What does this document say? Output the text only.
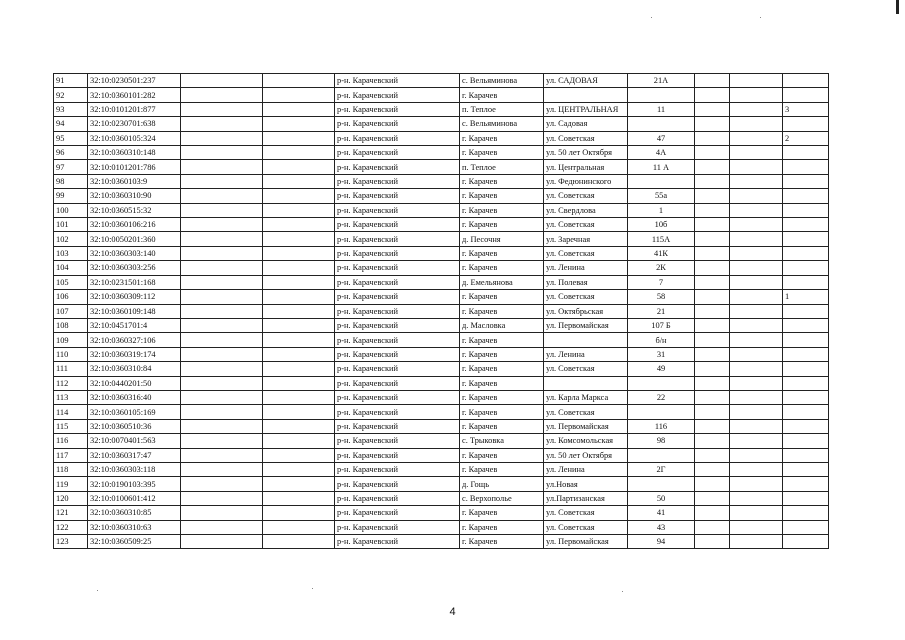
91	32:10:0230501:237			р-н. Карачевский	с. Вельяминова	ул. САДОВАЯ	21А			
92	32:10:0360101:282			р-н. Карачевский	г. Карачев					
93	32:10:0101201:877			р-н. Карачевский	п. Теплое	ул. ЦЕНТРАЛЬНАЯ	11			3
94	32:10:0230701:638			р-н. Карачевский	с. Вельяминова	ул. Садовая				
95	32:10:0360105:324			р-н. Карачевский	г. Карачев	ул. Советская	47			2
96	32:10:0360310:148			р-н. Карачевский	г. Карачев	ул. 50 лет Октября	4А			
97	32:10:0101201:786			р-н. Карачевский	п. Теплое	ул. Центральная	11 А			
98	32:10:0360103:9			р-н. Карачевский	г. Карачев	ул. Федюнинского				
99	32:10:0360310:90			р-н. Карачевский	г. Карачев	ул. Советская	55а			
100	32:10:0360515:32			р-н. Карачевский	г. Карачев	ул. Свердлова	1			
101	32:10:0360106:216			р-н. Карачевский	г. Карачев	ул. Советская	10б			
102	32:10:0050201:360			р-н. Карачевский	д. Песочня	ул. Заречная	115А			
103	32:10:0360303:140			р-н. Карачевский	г. Карачев	ул. Советская	41К			
104	32:10:0360303:256			р-н. Карачевский	г. Карачев	ул. Ленина	2К			
105	32:10:0231501:168			р-н. Карачевский	д. Емельянова	ул. Полевая	7			
106	32:10:0360309:112			р-н. Карачевский	г. Карачев	ул. Советская	58			1
107	32:10:0360109:148			р-н. Карачевский	г. Карачев	ул. Октябрьская	21			
108	32:10:0451701:4			р-н. Карачевский	д. Масловка	ул. Первомайская	107 Б			
109	32:10:0360327:106			р-н. Карачевский	г. Карачев		б/н			
110	32:10:0360319:174			р-н. Карачевский	г. Карачев	ул. Ленина	31			
111	32:10:0360310:84			р-н. Карачевский	г. Карачев	ул. Советская	49			
112	32:10:0440201:50			р-н. Карачевский	г. Карачев					
113	32:10:0360316:40			р-н. Карачевский	г. Карачев	ул. Карла Маркса	22			
114	32:10:0360105:169			р-н. Карачевский	г. Карачев	ул. Советская				
115	32:10:0360510:36			р-н. Карачевский	г. Карачев	ул. Первомайская	116			
116	32:10:0070401:563			р-н. Карачевский	с. Трыковка	ул. Комсомольская	98			
117	32:10:0360317:47			р-н. Карачевский	г. Карачев	ул. 50 лет Октября				
118	32:10:0360303:118			р-н. Карачевский	г. Карачев	ул. Ленина	2Г			
119	32:10:0190103:395			р-н. Карачевский	д. Гощь	ул.Новая				
120	32:10:0100601:412			р-н. Карачевский	с. Верхополье	ул.Партизанская	50			
121	32:10:0360310:85			р-н. Карачевский	г. Карачев	ул. Советская	41			
122	32:10:0360310:63			р-н. Карачевский	г. Карачев	ул. Советская	43			
123	32:10:0360509:25			р-н. Карачевский	г. Карачев	ул. Первомайская	94			
4
